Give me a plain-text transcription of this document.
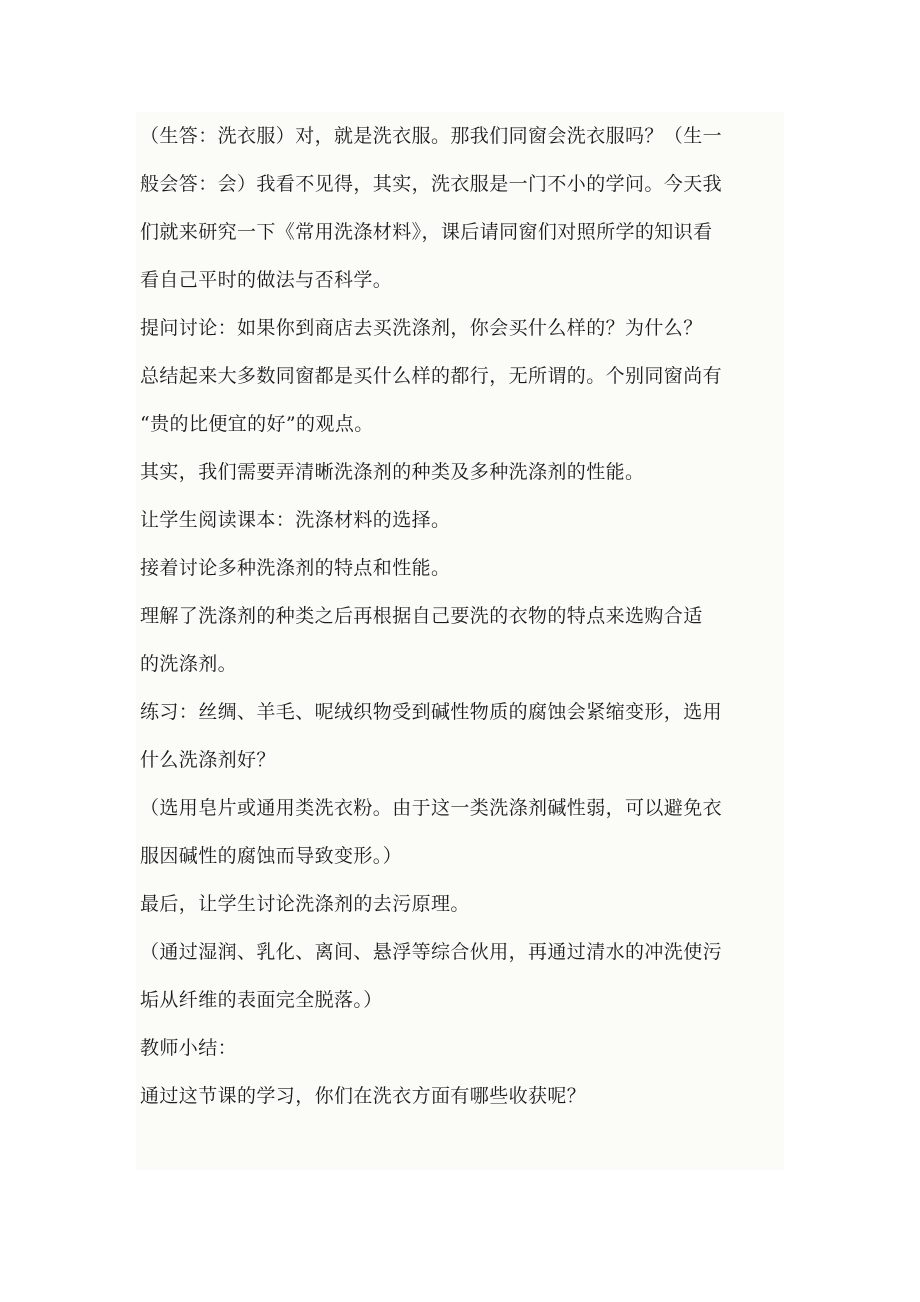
（生答：洗衣服）对，就是洗衣服。那我们同窗会洗衣服吗？（生一

般会答：会）我看不见得，其实，洗衣服是一门不小的学问。今天我

们就来研究一下《常用洗涤材料》，课后请同窗们对照所学的知识看

看自己平时的做法与否科学。

提问讨论：如果你到商店去买洗涤剂，你会买什么样的？为什么？

总结起来大多数同窗都是买什么样的都行，无所谓的。个别同窗尚有

“贵的比便宜的好”的观点。

其实，我们需要弄清晰洗涤剂的种类及多种洗涤剂的性能。

让学生阅读课本：洗涤材料的选择。

接着讨论多种洗涤剂的特点和性能。

理解了洗涤剂的种类之后再根据自己要洗的衣物的特点来选购合适

的洗涤剂。

练习：丝绸、羊毛、呢绒织物受到碱性物质的腐蚀会紧缩变形，选用

什么洗涤剂好？

（选用皂片或通用类洗衣粉。由于这一类洗涤剂碱性弱，可以避免衣

服因碱性的腐蚀而导致变形。）

最后，让学生讨论洗涤剂的去污原理。

（通过湿润、乳化、离间、悬浮等综合伙用，再通过清水的冲洗使污

垢从纤维的表面完全脱落。）

教师小结：

通过这节课的学习，你们在洗衣方面有哪些收获呢？
